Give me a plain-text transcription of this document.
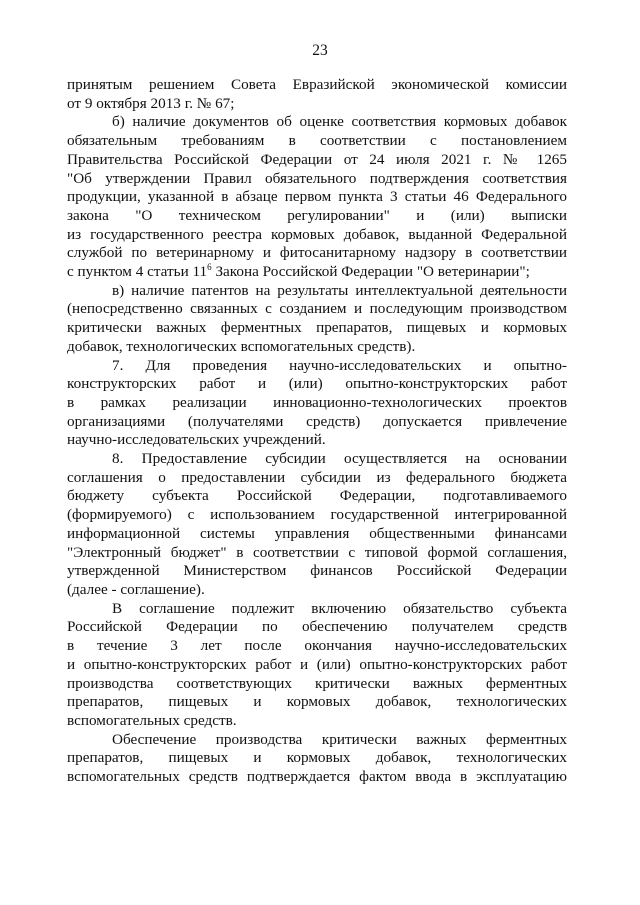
23
принятым решением Совета Евразийской экономической комиссии
от 9 октября 2013 г. № 67;
б) наличие документов об оценке соответствия кормовых добавок
обязательным требованиям в соответствии с постановлением
Правительства Российской Федерации от 24 июля 2021 г. № 1265
"Об утверждении Правил обязательного подтверждения соответствия
продукции, указанной в абзаце первом пункта 3 статьи 46 Федерального
закона "О техническом регулировании" и (или) выписки
из государственного реестра кормовых добавок, выданной Федеральной
службой по ветеринарному и фитосанитарному надзору в соответствии
с пунктом 4 статьи $11^6$ Закона Российской Федерации "О ветеринарии";
в) наличие патентов на результаты интеллектуальной деятельности
(непосредственно связанных с созданием и последующим производством
критически важных ферментных препаратов, пищевых и кормовых
добавок, технологических вспомогательных средств).
7. Для проведения научно-исследовательских и опытно-
конструкторских работ и (или) опытно-конструкторских работ
в рамках реализации инновационно-технологических проектов
организациями (получателями средств) допускается привлечение
научно-исследовательских учреждений.
8. Предоставление субсидии осуществляется на основании
соглашения о предоставлении субсидии из федерального бюджета
бюджету субъекта Российской Федерации, подготавливаемого
(формируемого) с использованием государственной интегрированной
информационной системы управления общественными финансами
"Электронный бюджет" в соответствии с типовой формой соглашения,
утвержденной Министерством финансов Российской Федерации
(далее - соглашение).
В соглашение подлежит включению обязательство субъекта
Российской Федерации по обеспечению получателем средств
в течение 3 лет после окончания научно-исследовательских
и опытно-конструкторских работ и (или) опытно-конструкторских работ
производства соответствующих критически важных ферментных
препаратов, пищевых и кормовых добавок, технологических
вспомогательных средств.
Обеспечение производства критически важных ферментных
препаратов, пищевых и кормовых добавок, технологических
вспомогательных средств подтверждается фактом ввода в эксплуатацию
